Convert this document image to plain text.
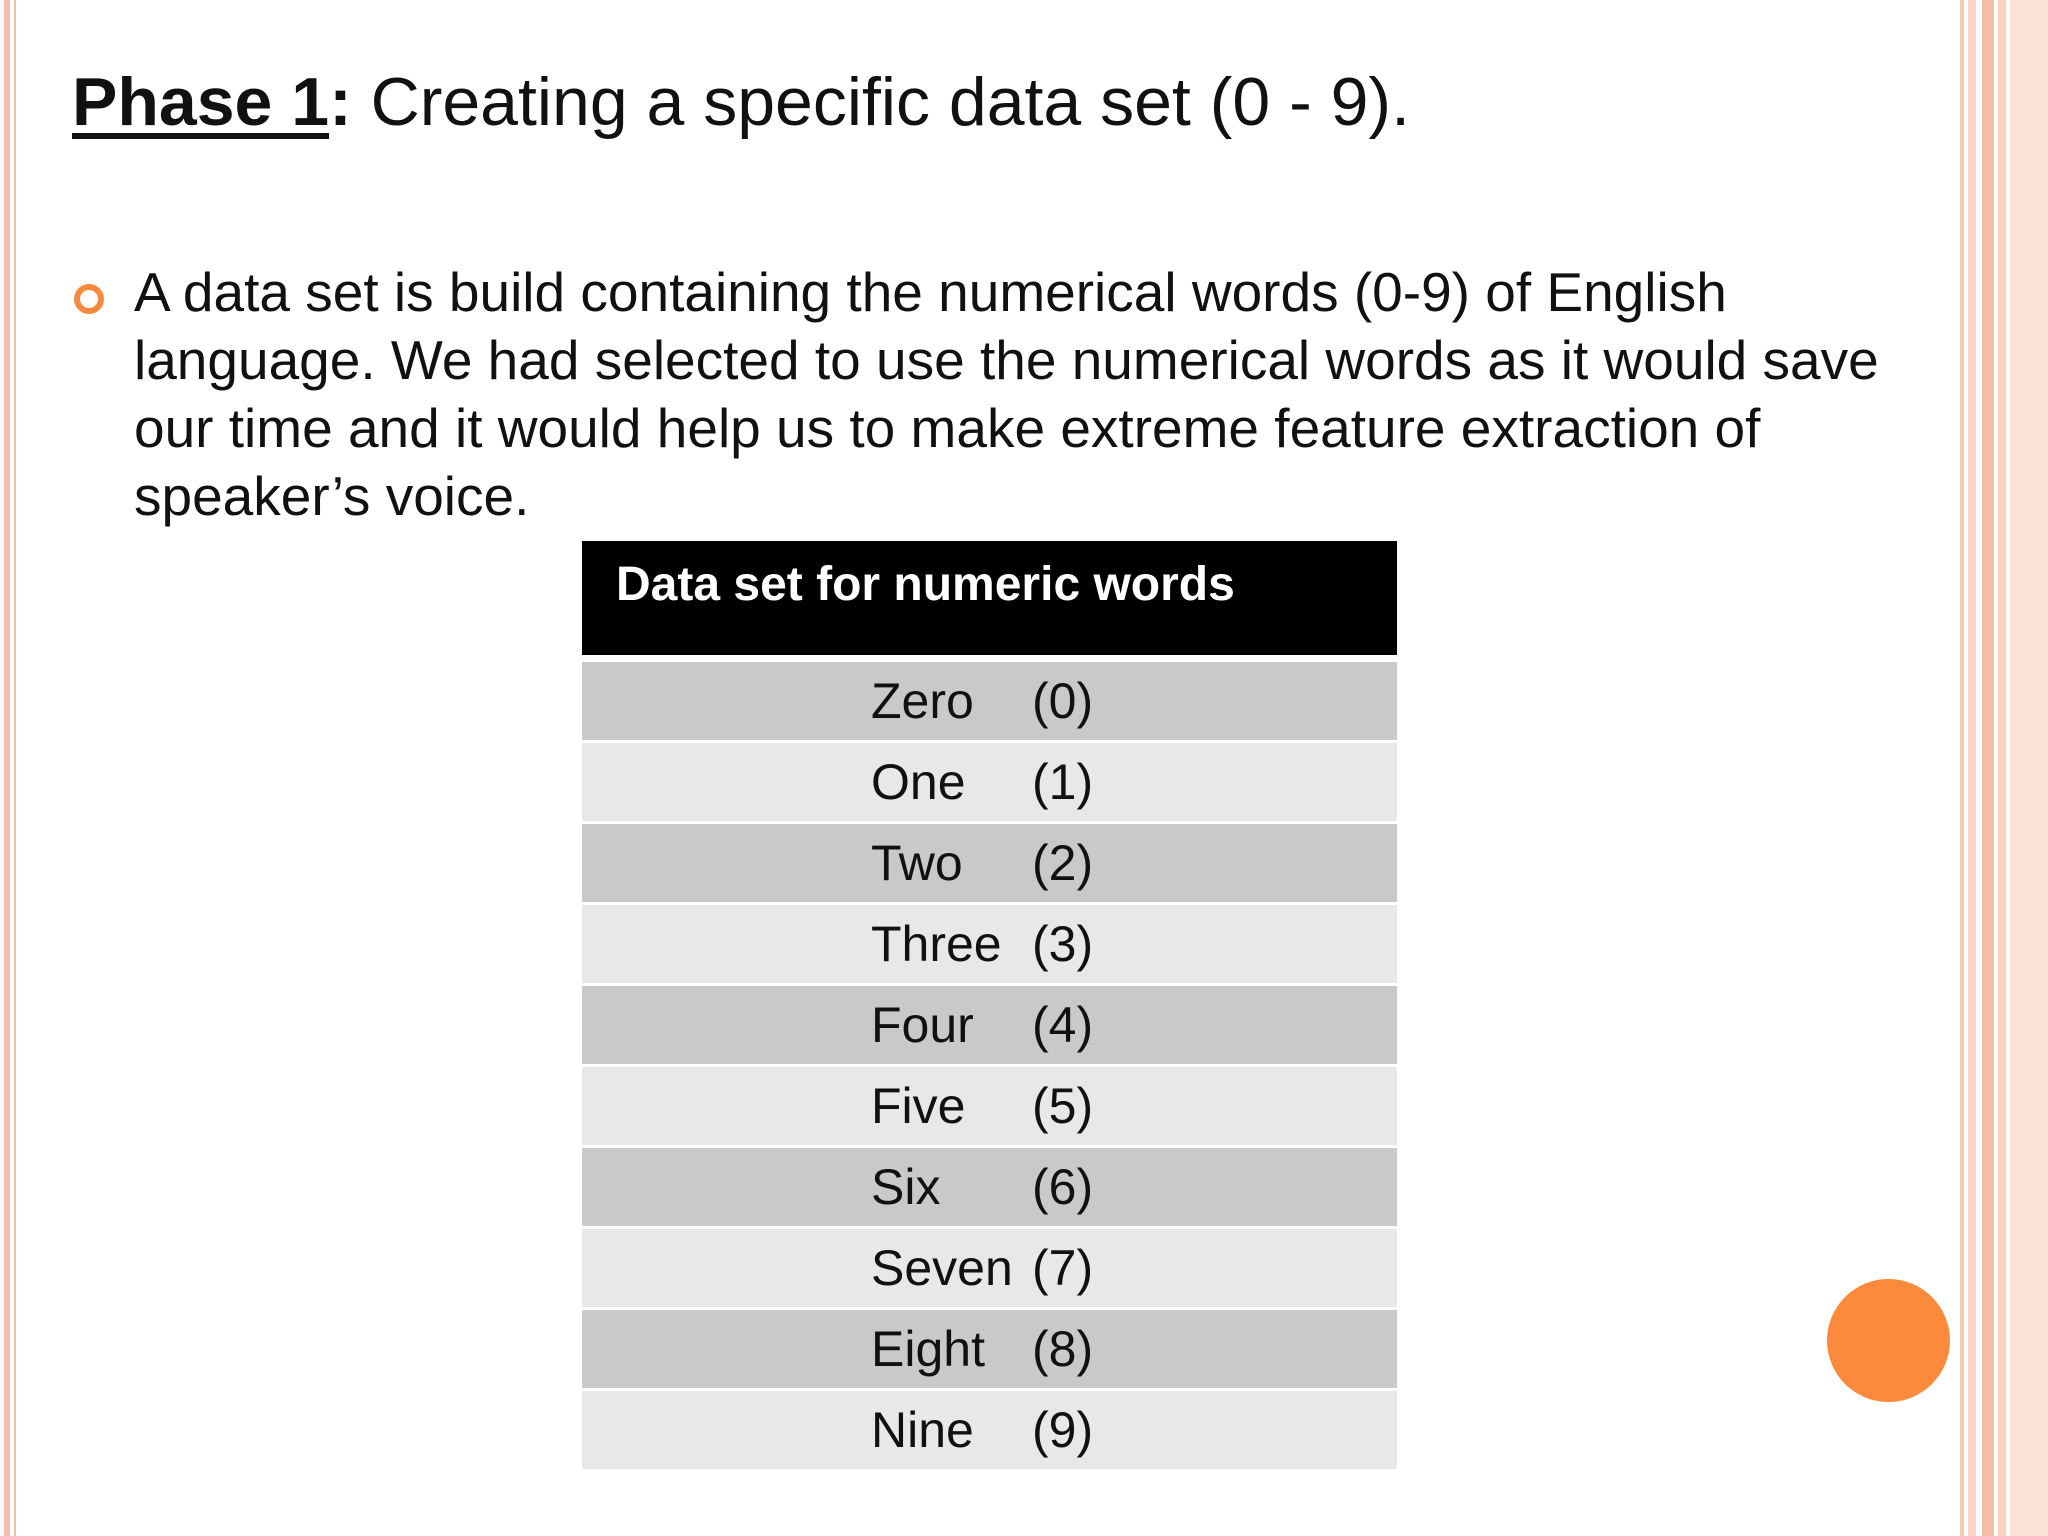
Phase 1: Creating a specific data set (0 - 9).
A data set is build containing the numerical words (0-9) of English language. We had selected to use the numerical words as it would save our time and it would help us to make extreme feature extraction of speaker’s voice.
Data set for numeric words
Zero (0)
One (1)
Two (2)
Three (3)
Four (4)
Five (5)
Six (6)
Seven (7)
Eight (8)
Nine (9)
